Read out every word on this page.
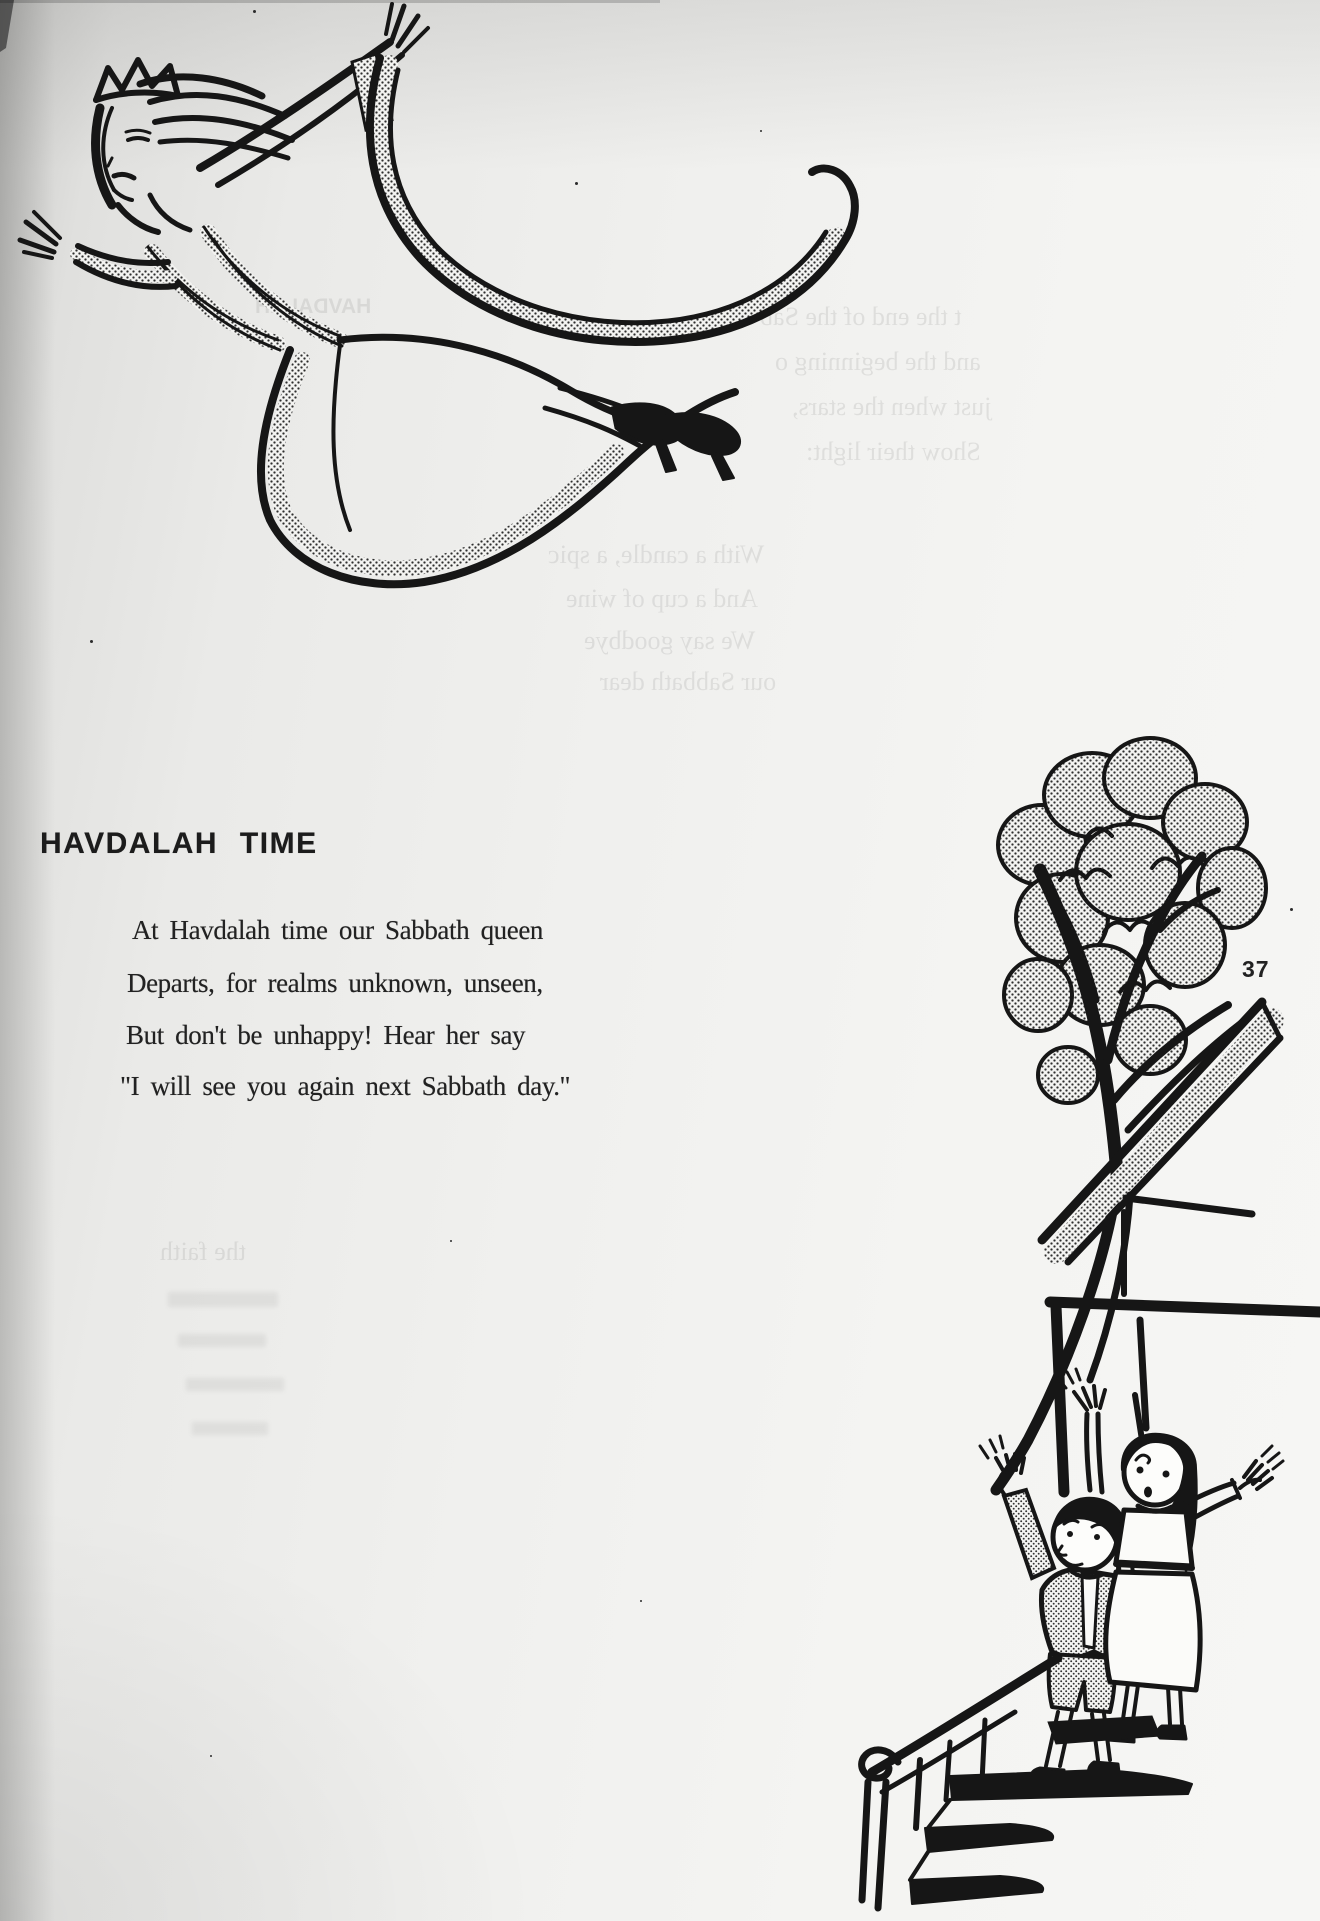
HAVDALAH	t the end of the Sab
and the beginning o
just when the stars,
Show their light:
With a candle, a spic
And a cup of wine
We say goodbye
our Sabbath dear
the faith
HAVDALAH TIME
At Havdalah time our Sabbath queen
Departs, for realms unknown, unseen,
But don't be unhappy! Hear her say
"I will see you again next Sabbath day."
37
